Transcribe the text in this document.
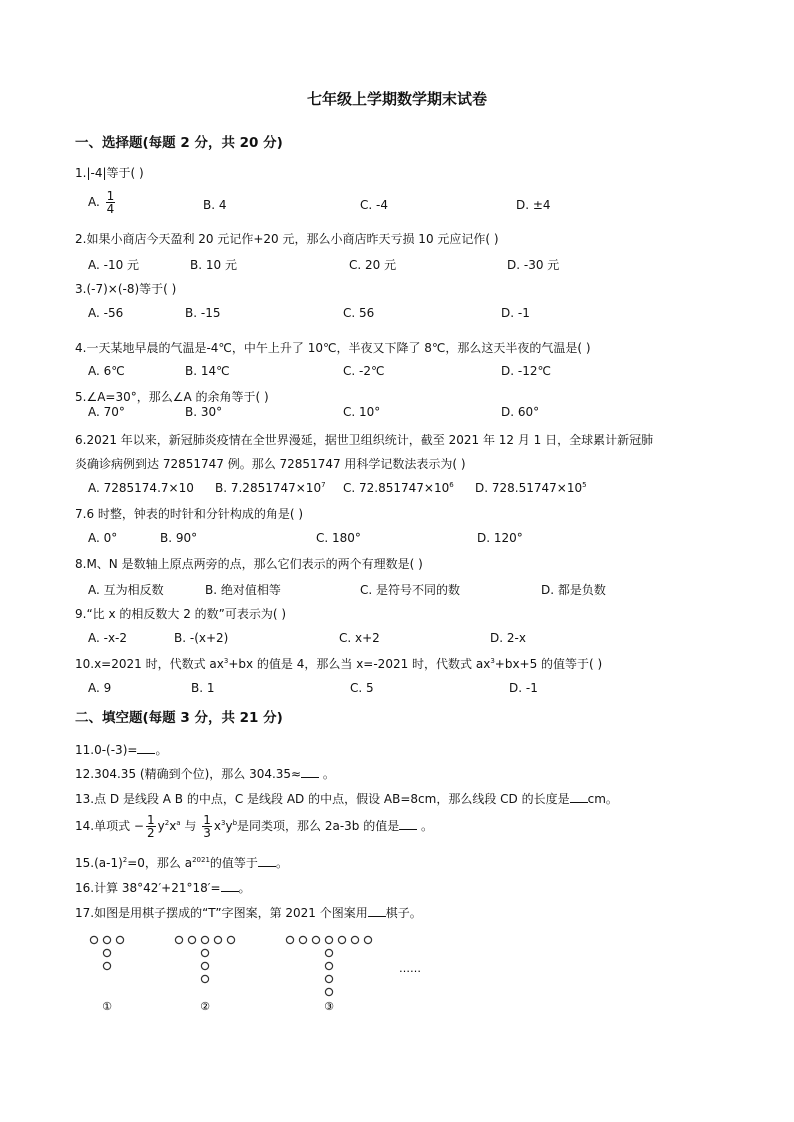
七年级上学期数学期末试卷
一、选择题(每题 2 分，共 20 分)
1.|-4|等于( )
A. $\frac{1}{4}$	B. 4	C. -4	D. ±4
2.如果小商店今天盈利 20 元记作+20 元，那么小商店昨天亏损 10 元应记作( )
A. -10 元	B. 10 元	C. 20 元	D. -30 元
3.(-7)×(-8)等于( )
A. -56	B. -15	C. 56	D. -1
4.一天某地早晨的气温是-4℃，中午上升了 10℃，半夜又下降了 8℃，那么这天半夜的气温是( )
A. 6℃	B. 14℃	C. -2℃	D. -12℃
5.∠A=30°，那么∠A 的余角等于( )
A. 70°	B. 30°	C. 10°	D. 60°
6.2021 年以来，新冠肺炎疫情在全世界漫延，据世卫组织统计，截至 2021 年 12 月 1 日，全球累计新冠肺
炎确诊病例到达 72851747 例。那么 72851747 用科学记数法表示为( )
A. 7285174.7×10 B. $7.2851747\times 10^7$ C. $72.851747\times 10^6$ D. $728.51747\times 10^5$
7.6 时整，钟表的时针和分针构成的角是( )
A. 0°	B. 90°	C. 180°	D. 120°
8.M、N 是数轴上原点两旁的点，那么它们表示的两个有理数是( )
A. 互为相反数	B. 绝对值相等	C. 是符号不同的数	D. 都是负数
9.“比 x 的相反数大 2 的数”可表示为( )
A. -x-2	B. -(x+2)	C. x+2	D. 2-x
10.x=2021 时，代数式 $ax^3+bx$ 的值是 4，那么当 x=-2021 时，代数式 $ax^3+bx+5$ 的值等于( )
A. 9	B. 1	C. 5	D. -1
二、填空题(每题 3 分，共 21 分)
11.0-(-3)= 。
12.304.35 (精确到个位)，那么 304.35≈ 。
13.点 D 是线段 A B 的中点，C 是线段 AD 的中点，假设 AB=8cm，那么线段 CD 的长度是 cm。
14.单项式 − $\frac{1}{2} y^2x^a$ 与 $\frac{1}{3} x^3y^b$是同类项，那么 2a-3b 的值是 。
$15.(a-1)^2=0$，那么 $a^{2021}$的值等于 。
16.计算 38°42′+21°18′= 。
17.如图是用棋子摆成的“T”字图案，第 2021 个图案用 棋子。
①	②	③
……
